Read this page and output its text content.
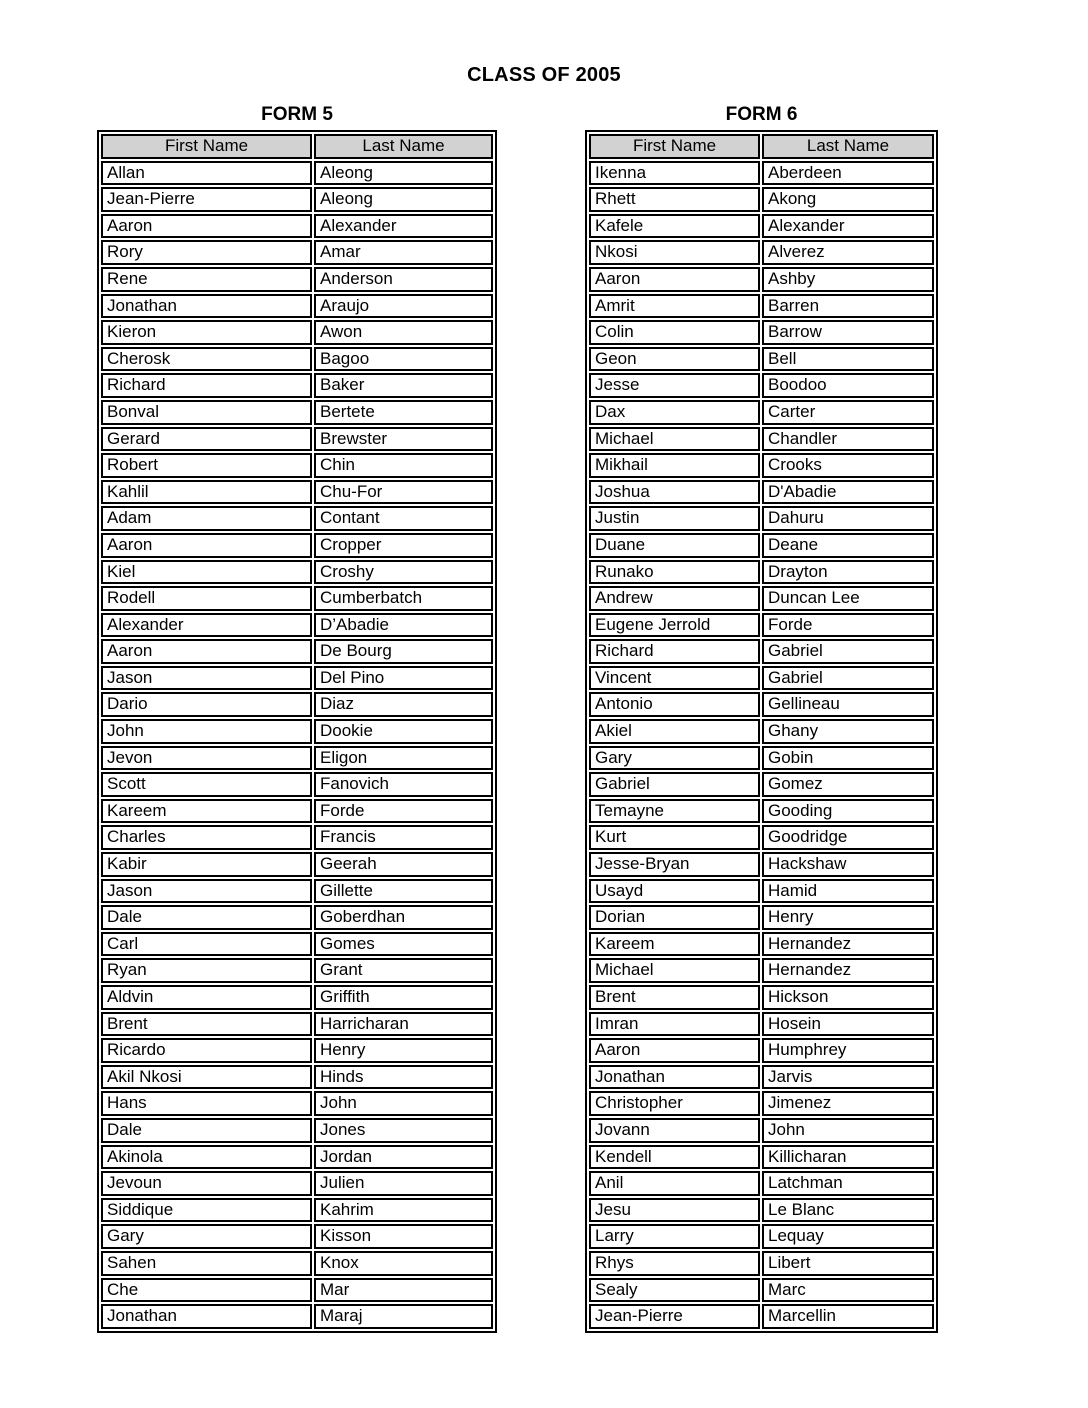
CLASS OF 2005
FORM 5
First Name	Last Name
Allan	Aleong
Jean-Pierre	Aleong
Aaron	Alexander
Rory	Amar
Rene	Anderson
Jonathan	Araujo
Kieron	Awon
Cherosk	Bagoo
Richard	Baker
Bonval	Bertete
Gerard	Brewster
Robert	Chin
Kahlil	Chu-For
Adam	Contant
Aaron	Cropper
Kiel	Croshy
Rodell	Cumberbatch
Alexander	D’Abadie
Aaron	De Bourg
Jason	Del Pino
Dario	Diaz
John	Dookie
Jevon	Eligon
Scott	Fanovich
Kareem	Forde
Charles	Francis
Kabir	Geerah
Jason	Gillette
Dale	Goberdhan
Carl	Gomes
Ryan	Grant
Aldvin	Griffith
Brent	Harricharan
Ricardo	Henry
Akil Nkosi	Hinds
Hans	John
Dale	Jones
Akinola	Jordan
Jevoun	Julien
Siddique	Kahrim
Gary	Kisson
Sahen	Knox
Che	Mar
Jonathan	Maraj
FORM 6
First Name	Last Name
Ikenna	Aberdeen
Rhett	Akong
Kafele	Alexander
Nkosi	Alverez
Aaron	Ashby
Amrit	Barren
Colin	Barrow
Geon	Bell
Jesse	Boodoo
Dax	Carter
Michael	Chandler
Mikhail	Crooks
Joshua	D'Abadie
Justin	Dahuru
Duane	Deane
Runako	Drayton
Andrew	Duncan Lee
Eugene Jerrold	Forde
Richard	Gabriel
Vincent	Gabriel
Antonio	Gellineau
Akiel	Ghany
Gary	Gobin
Gabriel	Gomez
Temayne	Gooding
Kurt	Goodridge
Jesse-Bryan	Hackshaw
Usayd	Hamid
Dorian	Henry
Kareem	Hernandez
Michael	Hernandez
Brent	Hickson
Imran	Hosein
Aaron	Humphrey
Jonathan	Jarvis
Christopher	Jimenez
Jovann	John
Kendell	Killicharan
Anil	Latchman
Jesu	Le Blanc
Larry	Lequay
Rhys	Libert
Sealy	Marc
Jean-Pierre	Marcellin
